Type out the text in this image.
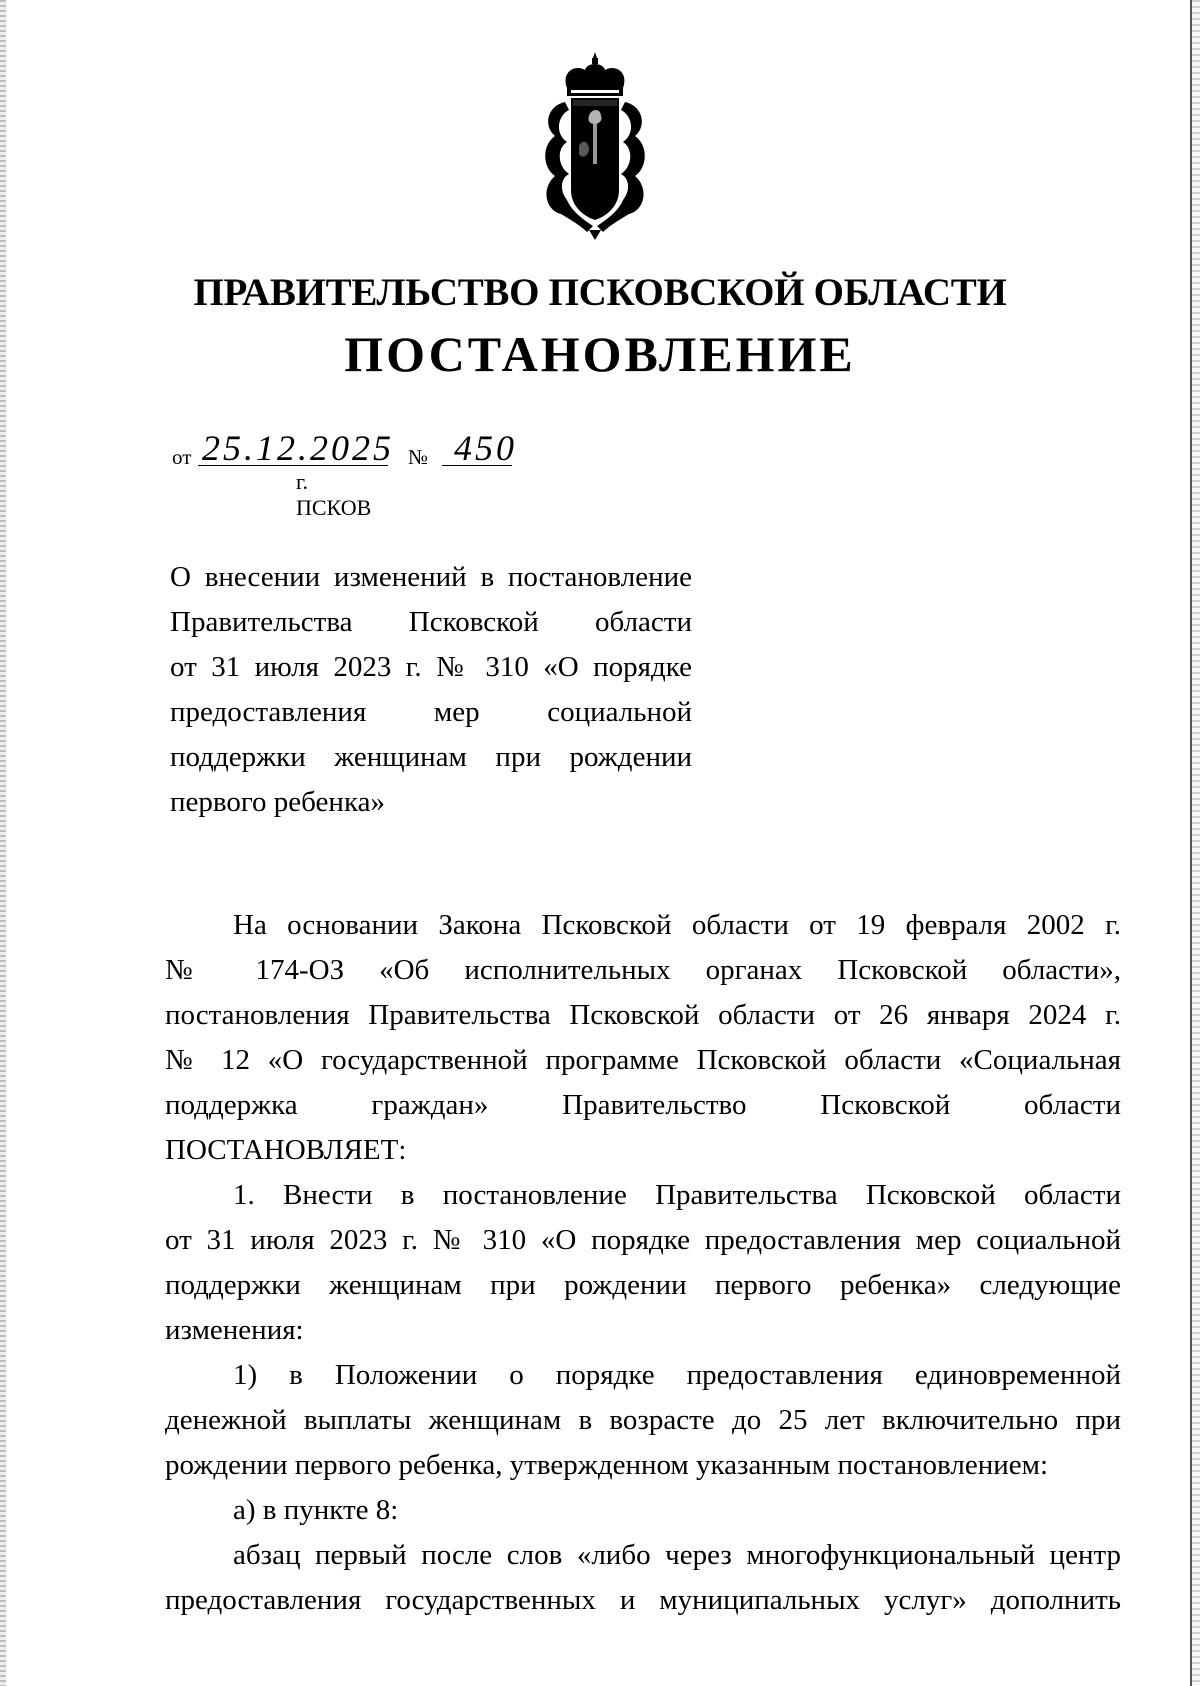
ПРАВИТЕЛЬСТВО ПСКОВСКОЙ ОБЛАСТИ
ПОСТАНОВЛЕНИЕ
от 25.12.2025 № 450
г. ПСКОВ
О внесении изменений в постановление
Правительства Псковской области
от 31 июля 2023 г. № 310 «О порядке
предоставления мер социальной
поддержки женщинам при рождении
первого ребенка»
На основании Закона Псковской области от 19 февраля 2002 г.
№ 174-ОЗ «Об исполнительных органах Псковской области»,
постановления Правительства Псковской области от 26 января 2024 г.
№ 12 «О государственной программе Псковской области «Социальная
поддержка граждан» Правительство Псковской области
ПОСТАНОВЛЯЕТ:
1. Внести в постановление Правительства Псковской области
от 31 июля 2023 г. № 310 «О порядке предоставления мер социальной
поддержки женщинам при рождении первого ребенка» следующие
изменения:
1) в Положении о порядке предоставления единовременной
денежной выплаты женщинам в возрасте до 25 лет включительно при
рождении первого ребенка, утвержденном указанным постановлением:
а) в пункте 8:
абзац первый после слов «либо через многофункциональный центр
предоставления государственных и муниципальных услуг» дополнить
